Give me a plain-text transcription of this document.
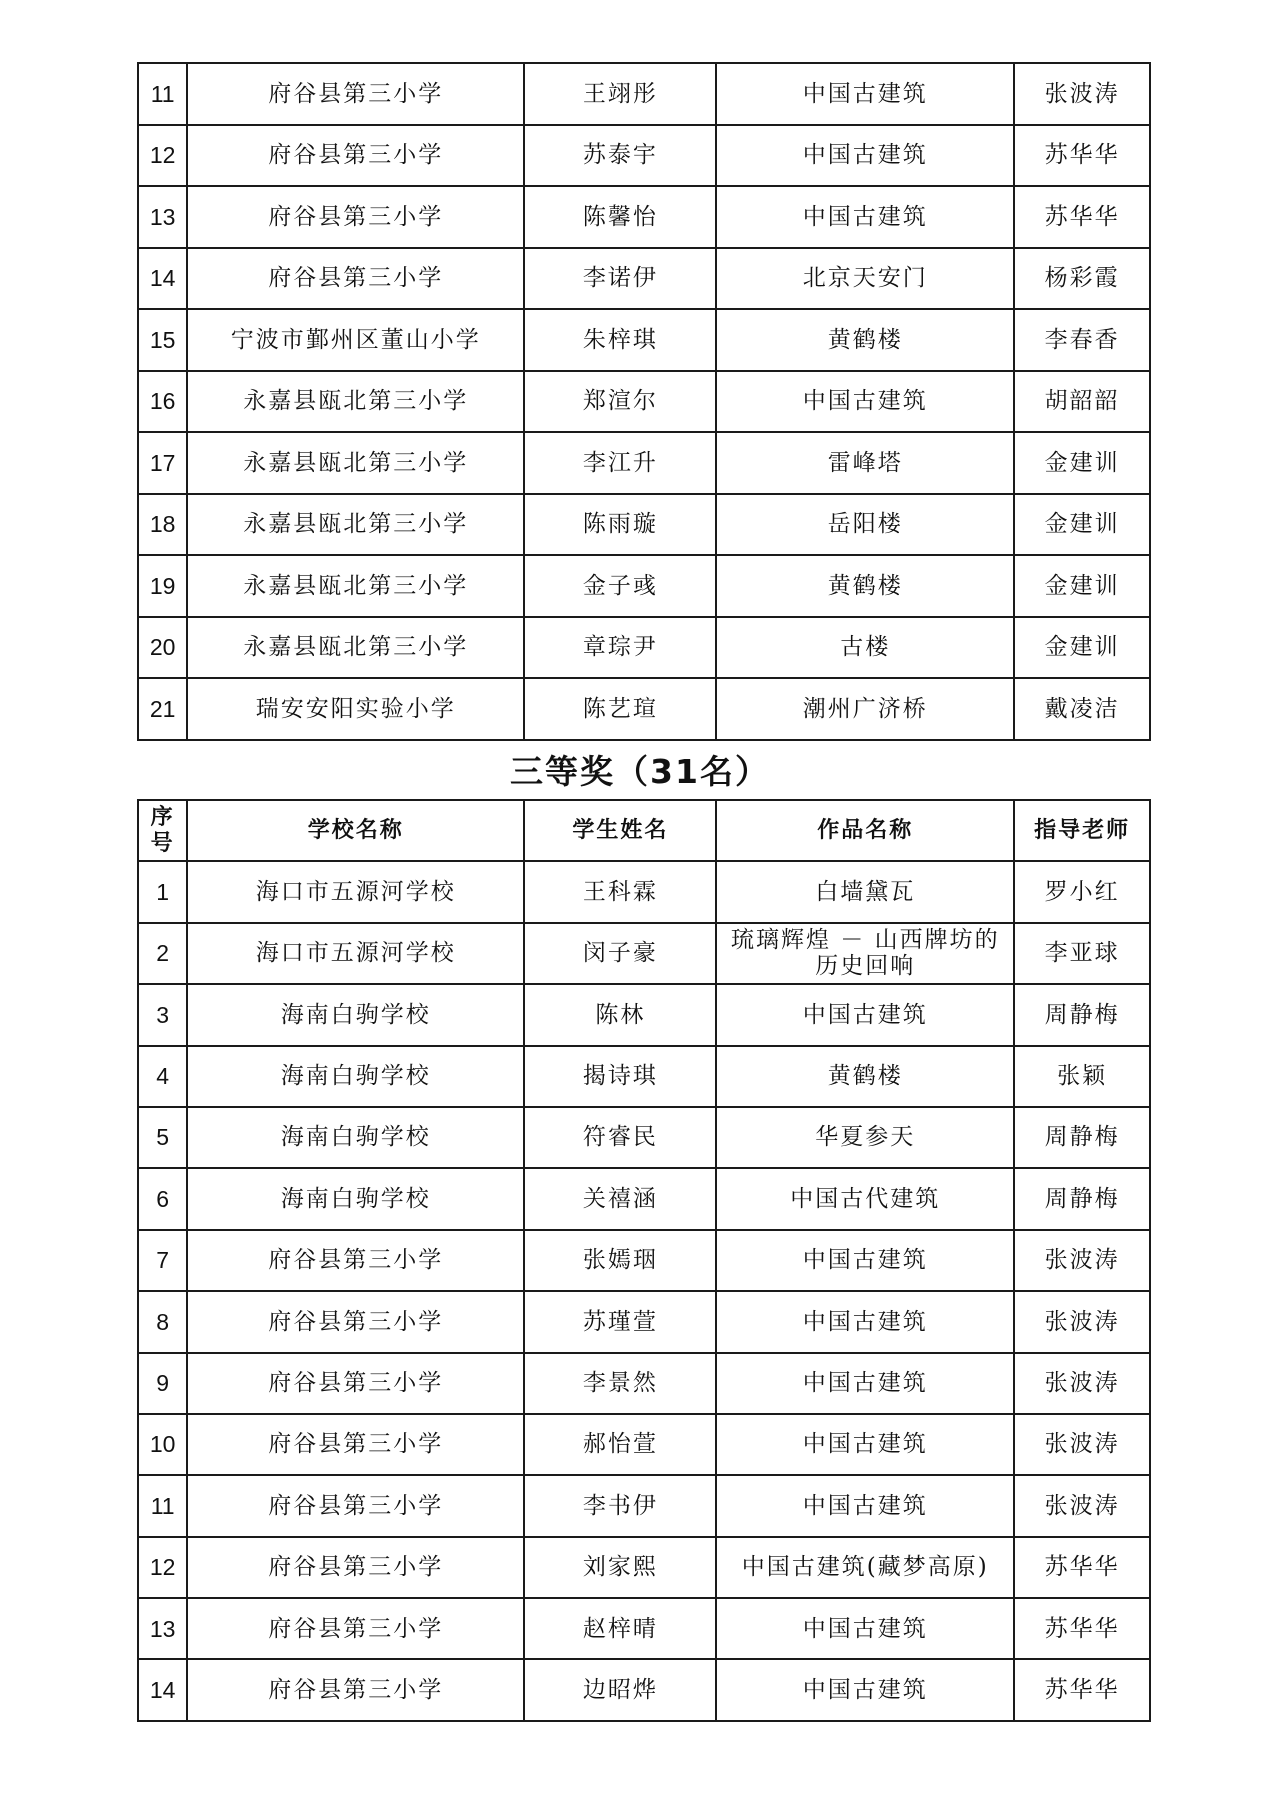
11	府谷县第三小学	王翊彤	中国古建筑	张波涛
12	府谷县第三小学	苏泰宇	中国古建筑	苏华华
13	府谷县第三小学	陈馨怡	中国古建筑	苏华华
14	府谷县第三小学	李诺伊	北京天安门	杨彩霞
15	宁波市鄞州区董山小学	朱梓琪	黄鹤楼	李春香
16	永嘉县瓯北第三小学	郑渲尔	中国古建筑	胡韶韶
17	永嘉县瓯北第三小学	李江升	雷峰塔	金建训
18	永嘉县瓯北第三小学	陈雨璇	岳阳楼	金建训
19	永嘉县瓯北第三小学	金子彧	黄鹤楼	金建训
20	永嘉县瓯北第三小学	章琮尹	古楼	金建训
21	瑞安安阳实验小学	陈艺瑄	潮州广济桥	戴凌洁
三等奖（31名）
序号	学校名称	学生姓名	作品名称	指导老师
1	海口市五源河学校	王科霖	白墙黛瓦	罗小红
2	海口市五源河学校	闵子豪	琉璃辉煌 － 山西牌坊的历史回响	李亚球
3	海南白驹学校	陈林	中国古建筑	周静梅
4	海南白驹学校	揭诗琪	黄鹤楼	张颖
5	海南白驹学校	符睿民	华夏参天	周静梅
6	海南白驹学校	关禧涵	中国古代建筑	周静梅
7	府谷县第三小学	张嫣珚	中国古建筑	张波涛
8	府谷县第三小学	苏瑾萱	中国古建筑	张波涛
9	府谷县第三小学	李景然	中国古建筑	张波涛
10	府谷县第三小学	郝怡萱	中国古建筑	张波涛
11	府谷县第三小学	李书伊	中国古建筑	张波涛
12	府谷县第三小学	刘家熙	中国古建筑(藏梦高原)	苏华华
13	府谷县第三小学	赵梓晴	中国古建筑	苏华华
14	府谷县第三小学	边昭烨	中国古建筑	苏华华
